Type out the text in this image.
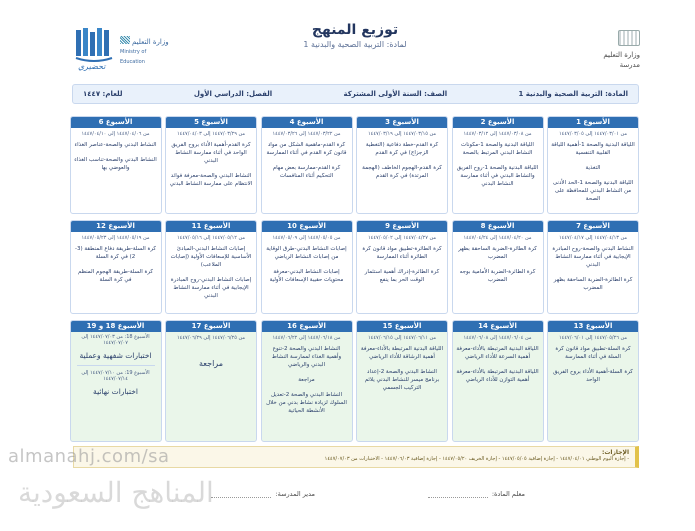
وزارة التعليم
مدرسة
توزيع المنهج
لمادة: التربية الصحية والبدنية 1
تحضيري
وزارة التعليم
Ministry of Education
المادة: التربية الصحية والبدنية 1
الصف: السنة الأولى المشتركة
الفصل: الدراسي الأول
للعام: ١٤٤٧
الأسبوع 1
من ١٤٤٧/٠٣/٠١ إلى ١٤٤٧/٠٣/٠٥
اللياقة البدنية والصحة 1-أهمية اللياقة القلبية التنفسية
التغذية
اللياقة البدنية والصحة 1-الحد الأدنى من النشاط البدني للمحافظة على الصحة
الأسبوع 2
من ١٤٤٧/٠٣/٠٨ إلى ١٤٤٧/٠٣/١٢
اللياقة البدنية والصحة 1-مكونات النشاط البدني المرتبط بالصحة
اللياقة البدنية والصحة 1-روح الفريق والنشاط البدني في أثناء ممارسة النشاط البدني
الأسبوع 3
من ١٤٤٧/٠٣/١٥ إلى ١٤٤٧/٠٣/١٩
كرة القدم-خطة دفاعية (التغطية الزجزاج) في كرة القدم
كرة القدم-الهجوم الخاطف (الهجمة المرتدة) في كرة القدم
الأسبوع 4
من ١٤٤٧/٠٣/٢٢ إلى ١٤٤٧/٠٣/٢٦
كرة القدم-ماهمية الشكل من مواد قانون كرة القدم في أثناء الممارسة
كرة القدم-ممارسة بعض مهام التحكيم أثناء المنافسات
الأسبوع 5
من ١٤٤٧/٠٣/٢٩ إلى ١٤٤٧/٠٤/٠٣
كرة القدم-أهمية الأداء بروح الفريق الواحد في أثناء ممارسة النشاط البدني
النشاط البدني والصحة-معرفة فوائد الانتظام على ممارسة النشاط البدني
الأسبوع 6
من ١٤٤٧/٠٤/٠٦ إلى ١٤٤٧/٠٤/١٠
النشاط البدني والصحة-عناصر الغذاء
النشاط البدني والصحة-تناسب الغذاء والعوضي بها
الأسبوع 7
من ١٤٤٧/٠٤/١٣ إلى ١٤٤٧/٠٤/١٧
النشاط البدني والصحة-روح المبادرة الإيجابية في أثناء ممارسة النشاط البدني
كرة الطائرة-الضربة الساحقة بظهر المضرب
الأسبوع 8
من ١٤٤٧/٠٤/٢٠ إلى ١٤٤٧/٠٤/٢٤
كرة الطائرة-الضربة الساحقة بظهر المضرب
كرة الطائرة-الضربة الأمامية بوجه المضرب
الأسبوع 9
من ١٤٤٧/٠٤/٢٧ إلى ١٤٤٧/٠٥/٠٢
كرة الطائرة-تطبيق مواد قانون كرة الطائرة أثناء الممارسة
كرة الطائرة-إدراك أهمية استثمار الوقت الحر بما ينفع
الأسبوع 10
من ١٤٤٧/٠٥/٠٥ إلى ١٤٤٧/٠٥/٠٩
إصابات النشاط البدني-طرق الوقاية من إصابات النشاط الرياضي
إصابات النشاط البدني-معرفة محتويات حقيبة الإسعافات الأولية
الأسبوع 11
من ١٤٤٧/٠٥/١٢ إلى ١٤٤٧/٠٥/١٦
إصابات النشاط البدني-المبادئ الأساسية للإسعافات الأولية (إصابات الملاعب)
إصابات النشاط البدني-روح المبادرة الإيجابية في أثناء ممارسة النشاط البدني
الأسبوع 12
من ١٤٤٧/٠٥/١٩ إلى ١٤٤٧/٠٥/٢٣
كرة السلة-طريقة دفاع المنطقة (3-2) في كرة السلة
كرة السلة-طريقة الهجوم المنظم في كرة السلة
الأسبوع 13
من ١٤٤٧/٠٥/٢٦ إلى ١٤٤٧/٠٦/٠١
كرة السلة-تطبيق مواد قانون كرة السلة في أثناء الممارسة
كرة السلة-أهمية الأداء بروح الفريق الواحد
الأسبوع 14
من ١٤٤٧/٠٦/٠٤ إلى ١٤٤٧/٠٦/٠٨
اللياقة البدنية المرتبطة بالأداء-معرفة أهمية السرعة للأداء الرياضي
اللياقة البدنية المرتبطة بالأداء-معرفة أهمية التوازن للأداء الرياضي
الأسبوع 15
من ١٤٤٧/٠٦/١١ إلى ١٤٤٧/٠٦/١٥
اللياقة البدنية المرتبطة بالأداء-معرفة أهمية الرشاقة للأداء الرياضي
النشاط البدني والصحة 2-إعداد برنامج ميسر للنشاط البدني يلائم التركيب الجسمي
الأسبوع 16
من ١٤٤٧/٠٦/١٨ إلى ١٤٤٧/٠٦/٢٢
النشاط البدني والصحة 2-تنوع وأهمية الغذاء لممارسة النشاط البدني والرياضي
مراجعة
النشاط البدني والصحة 2-تعديل السلوك لزيادة نشاط بدني من خلال الأنشطة الحياتية
الأسبوع 17
من ١٤٤٧/٠٦/٢٥ إلى ١٤٤٧/٠٦/٢٩
مراجعة
الأسبوع 18 و 19
الأسبوع 18: من ١٤٤٧/٠٧/٠٣ إلى ١٤٤٧/٠٧/٠٧
اختبارات شفهية وعملية
الأسبوع 19: من ١٤٤٧/٠٧/١٠ إلى ١٤٤٧/٠٧/١٤
اختبارات نهائية
الإجازات:
- إجازة اليوم الوطني ١٤٤٧/٠٤/٠١ - إجازة إضافية ١٤٤٧/٠٥/٠٥ - إجازة الخريف ١٤٤٧/٠٥/٢٠ - إجازة إضافية ١٤٤٧/٠٦/٠٣ - الاختبارات من ١٤٤٧/٠٧/٠٣
معلم المادة:
مدير المدرسة:
almanahj.com/sa
المناهج السعودية
